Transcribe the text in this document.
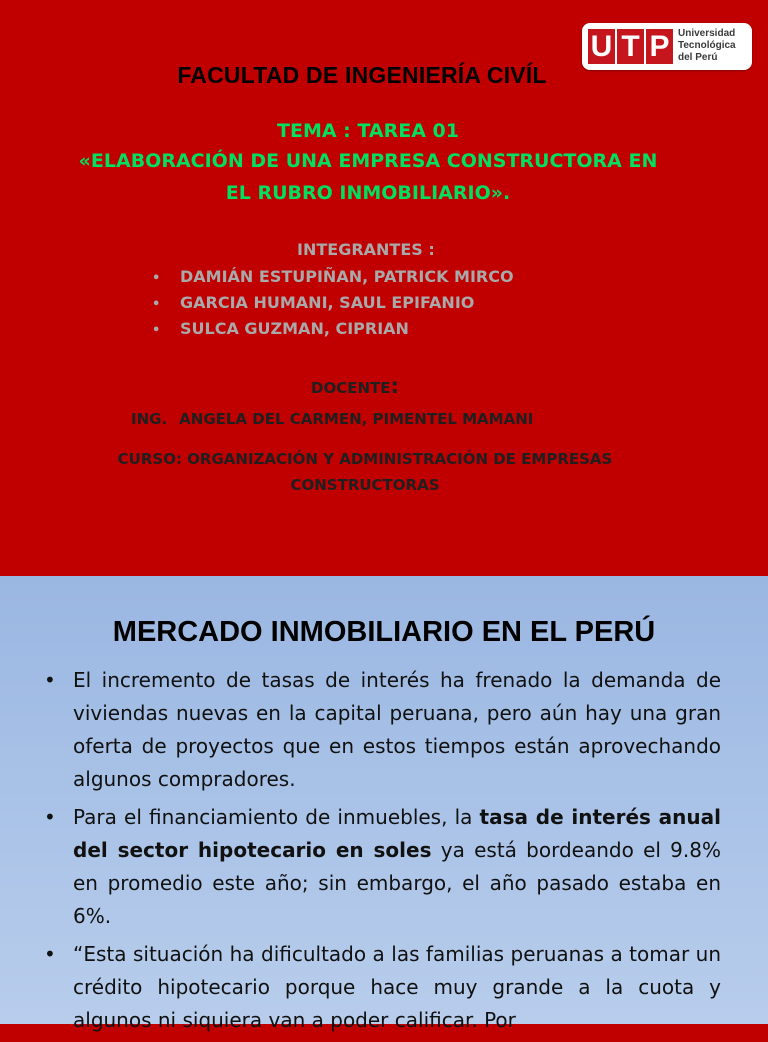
U T P Universidad
Tecnológica
del Perú
FACULTAD DE INGENIERÍA CIVÍL
TEMA : TAREA 01
«ELABORACIÓN DE UNA EMPRESA CONSTRUCTORA EN
EL RUBRO INMOBILIARIO».
INTEGRANTES :
• DAMIÁN ESTUPIÑAN, PATRICK MIRCO
• GARCIA HUMANI, SAUL EPIFANIO
• SULCA GUZMAN, CIPRIAN
DOCENTE:
ING. ANGELA DEL CARMEN, PIMENTEL MAMANI
CURSO: ORGANIZACIÓN Y ADMINISTRACIÓN DE EMPRESAS
CONSTRUCTORAS
MERCADO INMOBILIARIO EN EL PERÚ
• El incremento de tasas de interés ha frenado la demanda de viviendas nuevas en la capital peruana, pero aún hay una gran oferta de proyectos que en estos tiempos están aprovechando algunos compradores.
• Para el financiamiento de inmuebles, la tasa de interés anual del sector hipotecario en soles ya está bordeando el 9.8% en promedio este año; sin embargo, el año pasado estaba en 6%.
• “Esta situación ha dificultado a las familias peruanas a tomar un crédito hipotecario porque hace muy grande a la cuota y algunos ni siquiera van a poder calificar. Por
